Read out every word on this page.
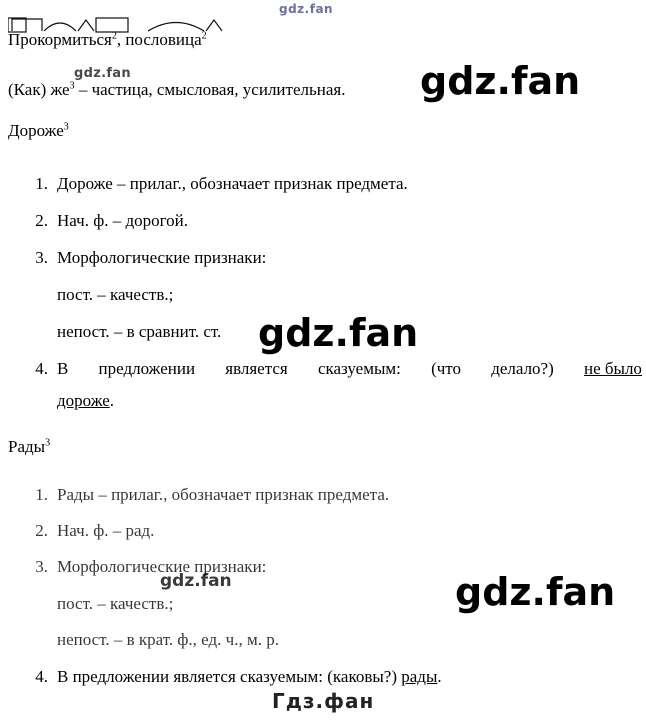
gdz.fan
gdz.fan	gdz.fan
gdz.fan
gdz.fan	gdz.fan
Гдз.фан
Прокормиться$^2$, пословица$^2$
(Как) $же^3$ – частица, смысловая, усилительная.
Дороже$^3$
1. Дороже – прилаг., обозначает признак предмета.
2. Нач. ф. – дорогой.
3. Морфологические признаки:
пост. – качеств.;
непост. – в сравнит. ст.
4. В предложении является сказуемым: (что делало?) не было
дороже.
Рады$^3$
1. Рады – прилаг., обозначает признак предмета.
2. Нач. ф. – рад.
3. Морфологические признаки:
пост. – качеств.;
непост. – в крат. ф., ед. ч., м. р.
4. В предложении является сказуемым: (каковы?) рады.
